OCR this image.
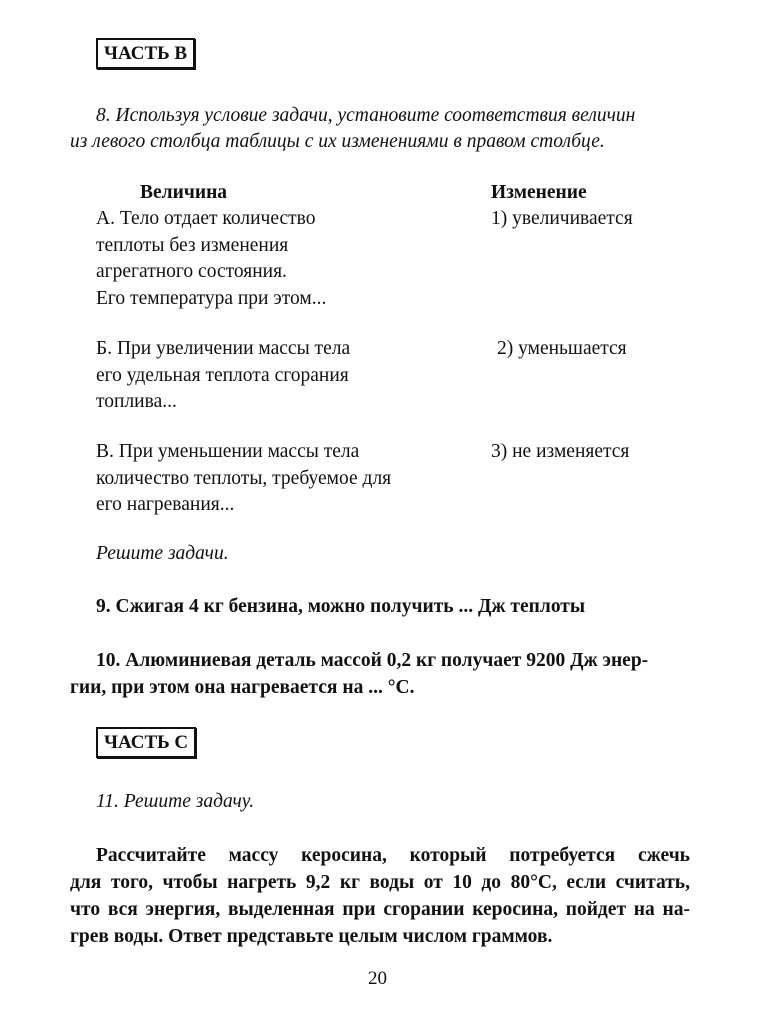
ЧАСТЬ В
8. Используя условие задачи, установите соответствия величин
из левого столбца таблицы с их изменениями в правом столбце.
Величина	Изменение
А. Тело отдает количество
теплоты без изменения
агрегатного состояния.
Его температура при этом...
1) увеличивается
Б. При увеличении массы тела
его удельная теплота сгорания
топлива...
2) уменьшается
В. При уменьшении массы тела
количество теплоты, требуемое для
его нагревания...
3) не изменяется
Решите задачи.
9. Сжигая 4 кг бензина, можно получить ... Дж теплоты
10. Алюминиевая деталь массой 0,2 кг получает 9200 Дж энер-
гии, при этом она нагревается на ... °С.
ЧАСТЬ С
11. Решите задачу.
Рассчитайте массу керосина, который потребуется сжечь
для того, чтобы нагреть 9,2 кг воды от 10 до 80°С, если считать,
что вся энергия, выделенная при сгорании керосина, пойдет на на-
грев воды. Ответ представьте целым числом граммов.
20
